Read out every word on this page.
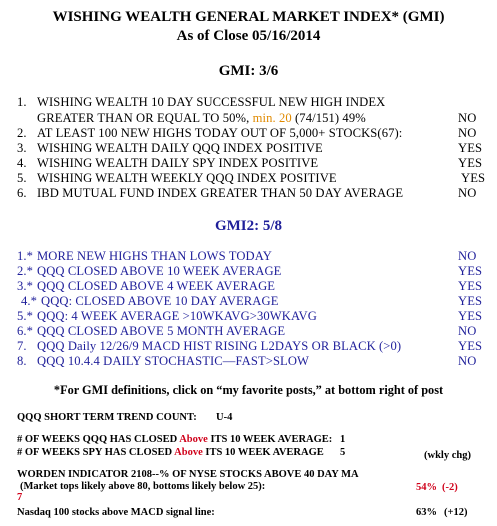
WISHING WEALTH GENERAL MARKET INDEX* (GMI)
As of Close 05/16/2014
GMI: 3/6
1. WISHING WEALTH 10 DAY SUCCESSFUL NEW HIGH INDEX
GREATER THAN OR EQUAL TO 50%, min. 20 (74/151) 49%	NO
2. AT LEAST 100 NEW HIGHS TODAY OUT OF 5,000+ STOCKS(67):	NO
3. WISHING WEALTH DAILY QQQ INDEX POSITIVE	YES
4. WISHING WEALTH DAILY SPY INDEX POSITIVE	YES
5. WISHING WEALTH WEEKLY QQQ INDEX POSITIVE	YES
6. IBD MUTUAL FUND INDEX GREATER THAN 50 DAY AVERAGE	NO
GMI2: 5/8
1.* MORE NEW HIGHS THAN LOWS TODAY	NO
2.* QQQ CLOSED ABOVE 10 WEEK AVERAGE	YES
3.* QQQ CLOSED ABOVE 4 WEEK AVERAGE	YES
4.* QQQ: CLOSED ABOVE 10 DAY AVERAGE	YES
5.* QQQ: 4 WEEK AVERAGE >10WKAVG>30WKAVG	YES
6.* QQQ CLOSED ABOVE 5 MONTH AVERAGE	NO
7. QQQ Daily 12/26/9 MACD HIST RISING L2DAYS OR BLACK (>0)	YES
8. QQQ 10.4.4 DAILY STOCHASTIC—FAST>SLOW	NO
*For GMI definitions, click on “my favorite posts,” at bottom right of post
QQQ SHORT TERM TREND COUNT: U-4
# OF WEEKS QQQ HAS CLOSED Above ITS 10 WEEK AVERAGE: 1
# OF WEEKS SPY HAS CLOSED Above ITS 10 WEEK AVERAGE 5	(wkly chg)
WORDEN INDICATOR 2108--% OF NYSE STOCKS ABOVE 40 DAY MA
(Market tops likely above 80, bottoms likely below 25):	54% (-2)
7
Nasdaq 100 stocks above MACD signal line:	63% (+12)
